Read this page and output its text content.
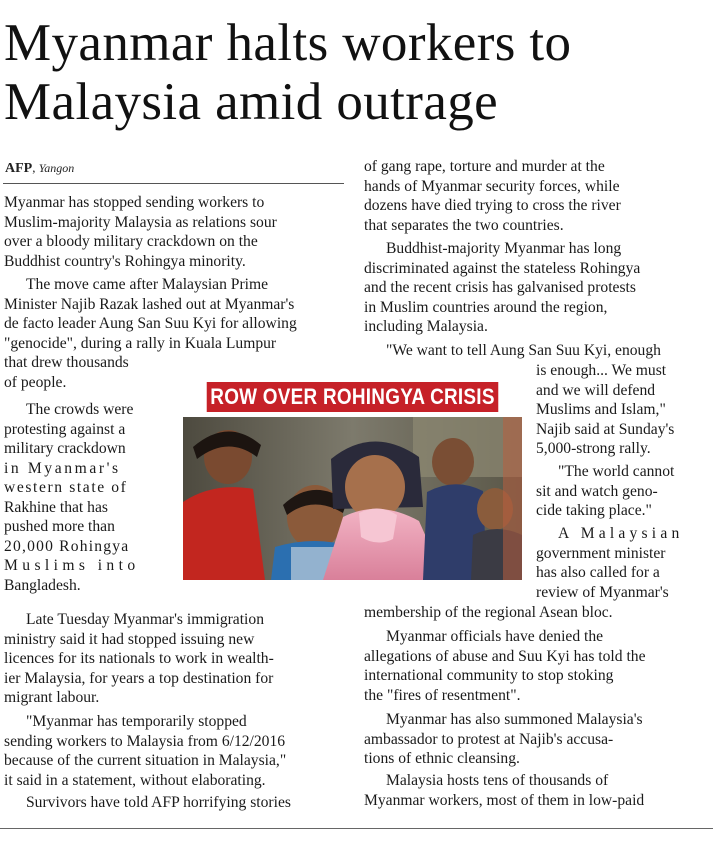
Myanmar halts workers to Malaysia amid outrage
AFP, Yangon
Myanmar has stopped sending workers to
Muslim-majority Malaysia as relations sour
over a bloody military crackdown on the
Buddhist country's Rohingya minority.
The move came after Malaysian Prime
Minister Najib Razak lashed out at Myanmar's
de facto leader Aung San Suu Kyi for allowing
"genocide", during a rally in Kuala Lumpur
that drew thousands
of people.
The crowds were
protesting against a
military crackdown
in Myanmar's
western state of
Rakhine that has
pushed more than
20,000 Rohingya
Muslims into
Bangladesh.
Late Tuesday Myanmar's immigration
ministry said it had stopped issuing new
licences for its nationals to work in wealth-
ier Malaysia, for years a top destination for
migrant labour.
"Myanmar has temporarily stopped
sending workers to Malaysia from 6/12/2016
because of the current situation in Malaysia,"
it said in a statement, without elaborating.
Survivors have told AFP horrifying stories
of gang rape, torture and murder at the
hands of Myanmar security forces, while
dozens have died trying to cross the river
that separates the two countries.
Buddhist-majority Myanmar has long
discriminated against the stateless Rohingya
and the recent crisis has galvanised protests
in Muslim countries around the region,
including Malaysia.
"We want to tell Aung San Suu Kyi, enough
is enough... We must
and we will defend
Muslims and Islam,"
Najib said at Sunday's
5,000-strong rally.
"The world cannot
sit and watch geno-
cide taking place."
A Malaysian
government minister
has also called for a
review of Myanmar's
membership of the regional Asean bloc.
Myanmar officials have denied the
allegations of abuse and Suu Kyi has told the
international community to stop stoking
the "fires of resentment".
Myanmar has also summoned Malaysia's
ambassador to protest at Najib's accusa-
tions of ethnic cleansing.
Malaysia hosts tens of thousands of
Myanmar workers, most of them in low-paid
ROW OVER ROHINGYA CRISIS
